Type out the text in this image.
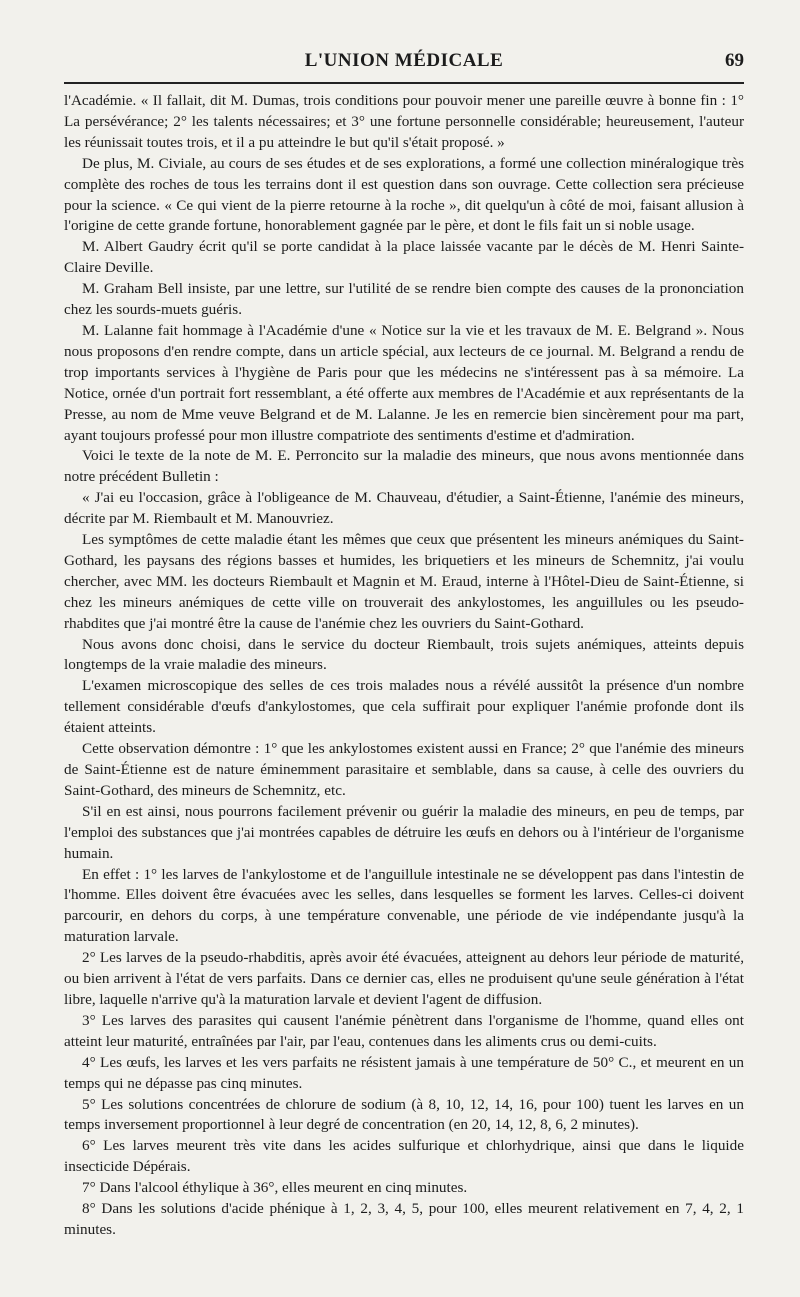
L'UNION MÉDICALE	69

l'Académie. « Il fallait, dit M. Dumas, trois conditions pour pouvoir mener une pareille œuvre à bonne fin : 1° La persévérance; 2° les talents nécessaires; et 3° une fortune personnelle considérable; heureusement, l'auteur les réunissait toutes trois, et il a pu atteindre le but qu'il s'était proposé. »

De plus, M. Civiale, au cours de ses études et de ses explorations, a formé une collection minéralogique très complète des roches de tous les terrains dont il est question dans son ouvrage. Cette collection sera précieuse pour la science. « Ce qui vient de la pierre retourne à la roche », dit quelqu'un à côté de moi, faisant allusion à l'origine de cette grande fortune, honorablement gagnée par le père, et dont le fils fait un si noble usage.

M. Albert Gaudry écrit qu'il se porte candidat à la place laissée vacante par le décès de M. Henri Sainte-Claire Deville.

M. Graham Bell insiste, par une lettre, sur l'utilité de se rendre bien compte des causes de la prononciation chez les sourds-muets guéris.

M. Lalanne fait hommage à l'Académie d'une « Notice sur la vie et les travaux de M. E. Belgrand ». Nous nous proposons d'en rendre compte, dans un article spécial, aux lecteurs de ce journal. M. Belgrand a rendu de trop importants services à l'hygiène de Paris pour que les médecins ne s'intéressent pas à sa mémoire. La Notice, ornée d'un portrait fort ressemblant, a été offerte aux membres de l'Académie et aux représentants de la Presse, au nom de Mme veuve Belgrand et de M. Lalanne. Je les en remercie bien sincèrement pour ma part, ayant toujours professé pour mon illustre compatriote des sentiments d'estime et d'admiration.

Voici le texte de la note de M. E. Perroncito sur la maladie des mineurs, que nous avons mentionnée dans notre précédent Bulletin :

« J'ai eu l'occasion, grâce à l'obligeance de M. Chauveau, d'étudier, a Saint-Étienne, l'anémie des mineurs, décrite par M. Riembault et M. Manouvriez.

Les symptômes de cette maladie étant les mêmes que ceux que présentent les mineurs anémiques du Saint-Gothard, les paysans des régions basses et humides, les briquetiers et les mineurs de Schemnitz, j'ai voulu chercher, avec MM. les docteurs Riembault et Magnin et M. Eraud, interne à l'Hôtel-Dieu de Saint-Étienne, si chez les mineurs anémiques de cette ville on trouverait des ankylostomes, les anguillules ou les pseudo-rhabdites que j'ai montré être la cause de l'anémie chez les ouvriers du Saint-Gothard.

Nous avons donc choisi, dans le service du docteur Riembault, trois sujets anémiques, atteints depuis longtemps de la vraie maladie des mineurs.

L'examen microscopique des selles de ces trois malades nous a révélé aussitôt la présence d'un nombre tellement considérable d'œufs d'ankylostomes, que cela suffirait pour expliquer l'anémie profonde dont ils étaient atteints.

Cette observation démontre : 1° que les ankylostomes existent aussi en France; 2° que l'anémie des mineurs de Saint-Étienne est de nature éminemment parasitaire et semblable, dans sa cause, à celle des ouvriers du Saint-Gothard, des mineurs de Schemnitz, etc.

S'il en est ainsi, nous pourrons facilement prévenir ou guérir la maladie des mineurs, en peu de temps, par l'emploi des substances que j'ai montrées capables de détruire les œufs en dehors ou à l'intérieur de l'organisme humain.

En effet : 1° les larves de l'ankylostome et de l'anguillule intestinale ne se développent pas dans l'intestin de l'homme. Elles doivent être évacuées avec les selles, dans lesquelles se forment les larves. Celles-ci doivent parcourir, en dehors du corps, à une température convenable, une période de vie indépendante jusqu'à la maturation larvale.

2° Les larves de la pseudo-rhabditis, après avoir été évacuées, atteignent au dehors leur période de maturité, ou bien arrivent à l'état de vers parfaits. Dans ce dernier cas, elles ne produisent qu'une seule génération à l'état libre, laquelle n'arrive qu'à la maturation larvale et devient l'agent de diffusion.

3° Les larves des parasites qui causent l'anémie pénètrent dans l'organisme de l'homme, quand elles ont atteint leur maturité, entraînées par l'air, par l'eau, contenues dans les aliments crus ou demi-cuits.

4° Les œufs, les larves et les vers parfaits ne résistent jamais à une température de 50° C., et meurent en un temps qui ne dépasse pas cinq minutes.

5° Les solutions concentrées de chlorure de sodium (à 8, 10, 12, 14, 16, pour 100) tuent les larves en un temps inversement proportionnel à leur degré de concentration (en 20, 14, 12, 8, 6, 2 minutes).

6° Les larves meurent très vite dans les acides sulfurique et chlorhydrique, ainsi que dans le liquide insecticide Dépérais.

7° Dans l'alcool éthylique à 36°, elles meurent en cinq minutes.

8° Dans les solutions d'acide phénique à 1, 2, 3, 4, 5, pour 100, elles meurent relativement en 7, 4, 2, 1 minutes.
